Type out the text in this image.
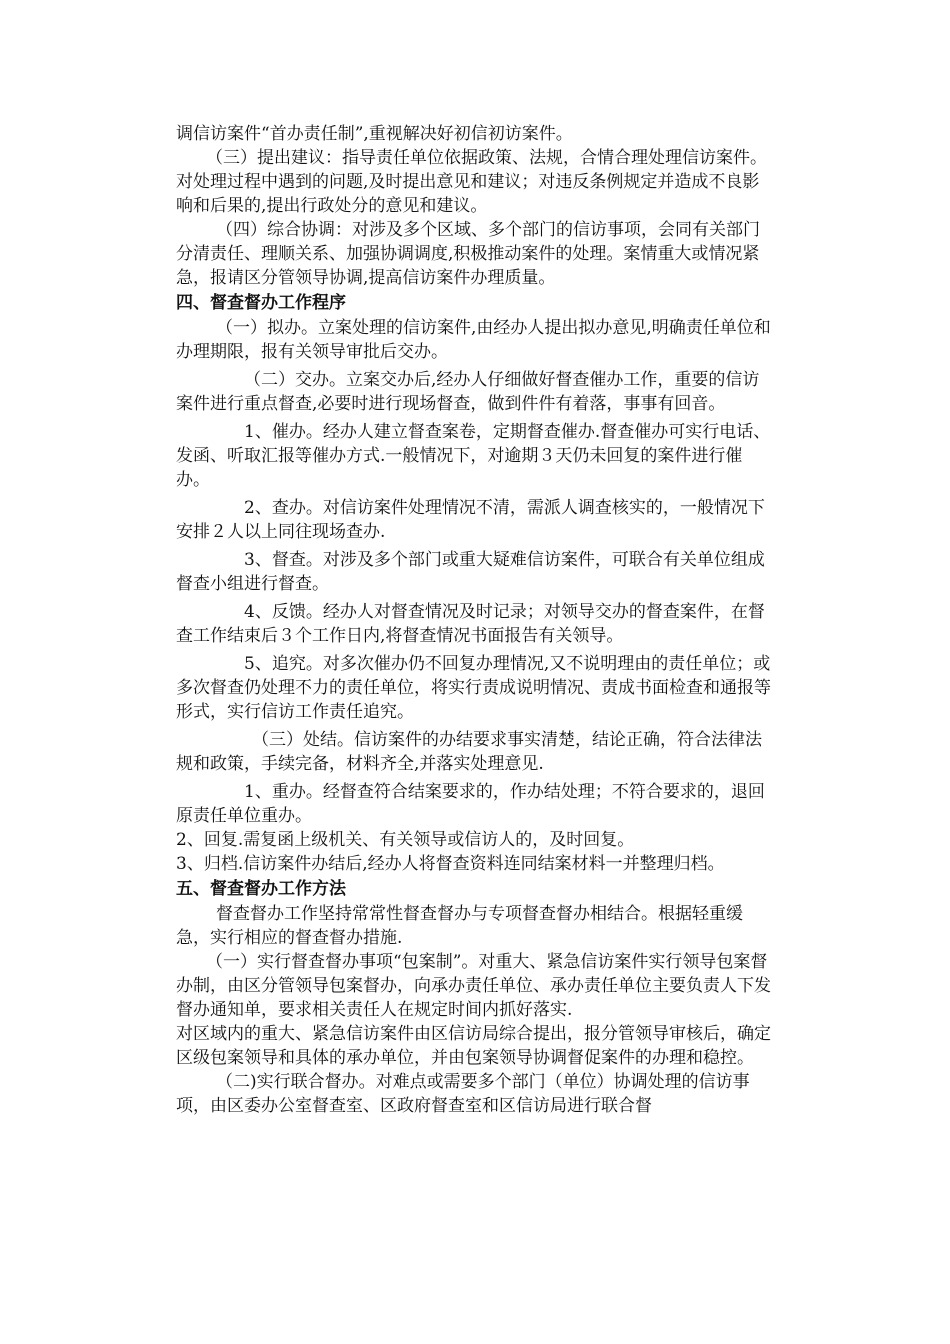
调信访案件“首办责任制”,重视解决好初信初访案件。

（三）提出建议：指导责任单位依据政策、法规，合情合理处理信访案件。对处理过程中遇到的问题,及时提出意见和建议；对违反条例规定并造成不良影响和后果的,提出行政处分的意见和建议。

（四）综合协调：对涉及多个区域、多个部门的信访事项，会同有关部门分清责任、理顺关系、加强协调调度,积极推动案件的处理。案情重大或情况紧急，报请区分管领导协调,提高信访案件办理质量。

四、督查督办工作程序

（一）拟办。立案处理的信访案件,由经办人提出拟办意见,明确责任单位和办理期限，报有关领导审批后交办。

（二）交办。立案交办后,经办人仔细做好督查催办工作，重要的信访案件进行重点督查,必要时进行现场督查，做到件件有着落，事事有回音。

1、催办。经办人建立督查案卷，定期督查催办.督查催办可实行电话、发函、听取汇报等催办方式.一般情况下，对逾期３天仍未回复的案件进行催办。

2、查办。对信访案件处理情况不清，需派人调查核实的，一般情况下安排２人以上同往现场查办.

3、督查。对涉及多个部门或重大疑难信访案件，可联合有关单位组成督查小组进行督查。

4、反馈。经办人对督查情况及时记录；对领导交办的督查案件，在督查工作结束后３个工作日内,将督查情况书面报告有关领导。

5、追究。对多次催办仍不回复办理情况,又不说明理由的责任单位；或多次督查仍处理不力的责任单位，将实行责成说明情况、责成书面检查和通报等形式，实行信访工作责任追究。

（三）处结。信访案件的办结要求事实清楚，结论正确，符合法律法规和政策，手续完备，材料齐全,并落实处理意见.

1、重办。经督查符合结案要求的，作办结处理；不符合要求的，退回原责任单位重办。

2、回复.需复函上级机关、有关领导或信访人的，及时回复。

3、归档.信访案件办结后,经办人将督查资料连同结案材料一并整理归档。

五、督查督办工作方法

督查督办工作坚持常常性督查督办与专项督查督办相结合。根据轻重缓急，实行相应的督查督办措施.

（一）实行督查督办事项“包案制”。对重大、紧急信访案件实行领导包案督办制，由区分管领导包案督办，向承办责任单位、承办责任单位主要负责人下发督办通知单，要求相关责任人在规定时间内抓好落实.

对区域内的重大、紧急信访案件由区信访局综合提出，报分管领导审核后，确定区级包案领导和具体的承办单位，并由包案领导协调督促案件的办理和稳控。

（二)实行联合督办。对难点或需要多个部门（单位）协调处理的信访事项，由区委办公室督查室、区政府督查室和区信访局进行联合督
